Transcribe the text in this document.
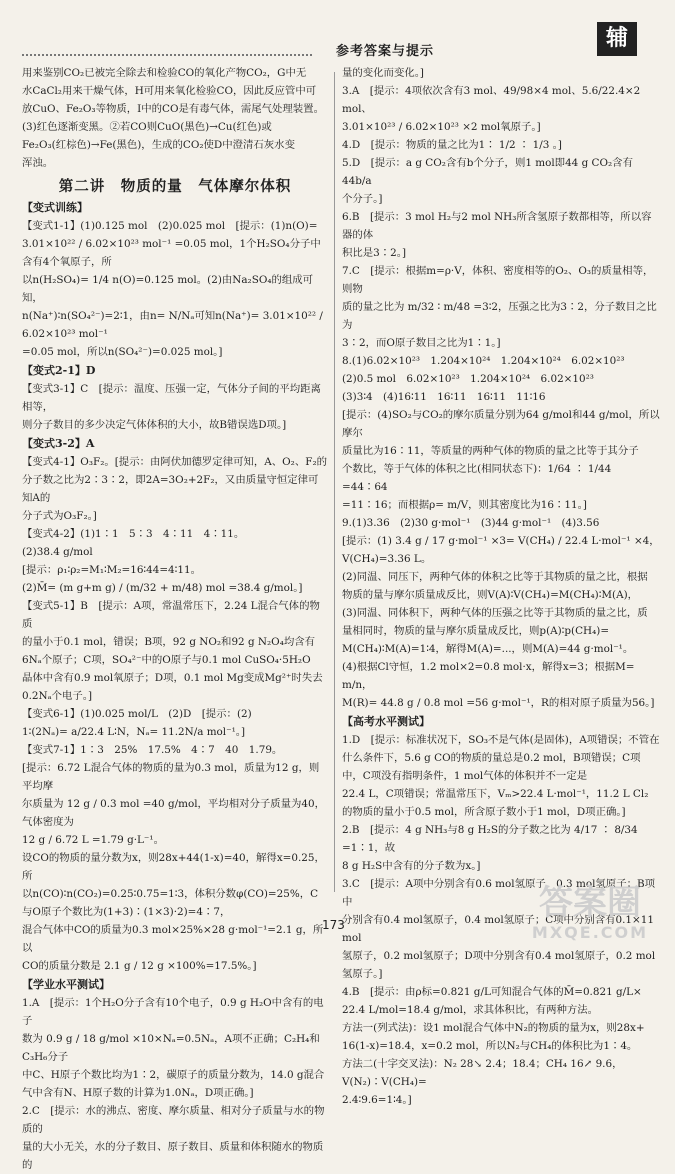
参考答案与提示
辅

用来鉴别CO₂已被完全除去和检验CO的氧化产物CO₂，G中无

水CaCl₂用来干燥气体，H可用来氧化检验CO，因此反应管中可

放CuO、Fe₂O₃等物质，I中的CO是有毒气体，需尾气处理装置。

(3)红色逐渐变黑。②若CO则CuO(黑色)→Cu(红色)或

Fe₂O₃(红棕色)→Fe(黑色)，生成的CO₂使D中澄清石灰水变

浑浊。

第二讲　物质的量　气体摩尔体积

【变式训练】

【变式1-1】(1)0.125 mol　(2)0.025 mol　[提示：(1)n(O)=

3.01×10²² / 6.02×10²³ mol⁻¹ =0.05 mol，1个H₂SO₄分子中含有4个氧原子，所

以n(H₂SO₄)= 1/4 n(O)=0.125 mol。(2)由Na₂SO₄的组成可知，

n(Na⁺)∶n(SO₄²⁻)=2∶1，由n= N/Nₐ可知n(Na⁺)= 3.01×10²² / 6.02×10²³ mol⁻¹

=0.05 mol，所以n(SO₄²⁻)=0.025 mol。]

【变式2-1】D

【变式3-1】C　[提示：温度、压强一定，气体分子间的平均距离相等，

则分子数目的多少决定气体体积的大小，故B错误选D项。]

【变式3-2】A

【变式4-1】O₃F₂。[提示：由阿伏加德罗定律可知，A、O₂、F₂的

分子数之比为2∶3∶2，即2A=3O₂+2F₂，又由质量守恒定律可知A的

分子式为O₃F₂。]

【变式4-2】(1)1∶1　5∶3　4∶11　4∶11。

(2)38.4 g/mol

[提示：ρ₁∶ρ₂=M₁∶M₂=16∶44=4∶11。

(2)M̄= (m g+m g) / (m/32 + m/48) mol =38.4 g/mol。]

【变式5-1】B　[提示：A项，常温常压下，2.24 L混合气体的物质

的量小于0.1 mol，错误；B项，92 g NO₂和92 g N₂O₄均含有6Nₐ个原子；C项，SO₄²⁻中的O原子与0.1 mol CuSO₄·5H₂O

晶体中含有0.9 mol氧原子；D项，0.1 mol Mg变成Mg²⁺时失去

0.2Nₐ个电子。]

【变式6-1】(1)0.025 mol/L　(2)D　[提示：(2)

1∶(2Nₐ)= a/22.4 L∶N，Nₐ= 11.2N/a mol⁻¹。]

【变式7-1】1∶3　25%　17.5%　4∶7　40　1.79。

[提示：6.72 L混合气体的物质的量为0.3 mol，质量为12 g，则平均摩

尔质量为 12 g / 0.3 mol =40 g/mol，平均相对分子质量为40，气体密度为

12 g / 6.72 L =1.79 g·L⁻¹。

设CO的物质的量分数为x，则28x+44(1-x)=40，解得x=0.25，所

以n(CO)∶n(CO₂)=0.25∶0.75=1∶3，体积分数φ(CO)=25%，C

与O原子个数比为(1+3)∶(1×3)·2)=4∶7，

混合气体中CO的质量为0.3 mol×25%×28 g·mol⁻¹=2.1 g，所以

CO的质量分数是 2.1 g / 12 g ×100%=17.5%。]

【学业水平测试】

1.A　[提示：1个H₂O分子含有10个电子，0.9 g H₂O中含有的电子

数为 0.9 g / 18 g/mol ×10×Nₐ=0.5Nₐ，A项不正确；C₂H₄和C₃H₆分子

中C、H原子个数比均为1∶2，碳原子的质量分数为，14.0 g混合

气中含有N、H原子数的计算为1.0Nₐ，D项正确。]

2.C　[提示：水的沸点、密度、摩尔质量、相对分子质量与水的物质的

量的大小无关，水的分子数目、原子数目、质量和体积随水的物质的

量的变化而变化。]

3.A　[提示：4项依次含有3 mol、49/98×4 mol、5.6/22.4×2 mol、

3.01×10²³ / 6.02×10²³ ×2 mol氧原子。]

4.D　[提示：物质的量之比为1∶ 1/2 ∶ 1/3 。]

5.D　[提示：a g CO₂含有b个分子，则1 mol即44 g CO₂含有44b/a

个分子。]

6.B　[提示：3 mol H₂与2 mol NH₃所含氢原子数都相等，所以容器的体

积比是3∶2。]

7.C　[提示：根据m=ρ·V，体积、密度相等的O₂、O₃的质量相等，则物

质的量之比为 m/32 ∶ m/48 =3∶2，压强之比为3∶2，分子数目之比为

3∶2，而O原子数目之比为1∶1。]

8.(1)6.02×10²³　1.204×10²⁴　1.204×10²⁴　6.02×10²³

(2)0.5 mol　6.02×10²³　1.204×10²⁴　6.02×10²³

(3)3∶4　(4)16∶11　16∶11　16∶11　11∶16

[提示：(4)SO₂与CO₂的摩尔质量分别为64 g/mol和44 g/mol，所以摩尔

质量比为16∶11，等质量的两种气体的物质的量之比等于其分子

个数比，等于气体的体积之比(相同状态下)：1/64 ∶ 1/44 =44∶64

=11∶16；而根据ρ= m/V，则其密度比为16∶11。]

9.(1)3.36　(2)30 g·mol⁻¹　(3)44 g·mol⁻¹　(4)3.56

[提示：(1) 3.4 g / 17 g·mol⁻¹ ×3= V(CH₄) / 22.4 L·mol⁻¹ ×4，V(CH₄)=3.36 L。

(2)同温、同压下，两种气体的体积之比等于其物质的量之比，根据

物质的量与摩尔质量成反比，则V(A)∶V(CH₄)=M(CH₄)∶M(A)，

(3)同温、同体积下，两种气体的压强之比等于其物质的量之比，质

量相同时，物质的量与摩尔质量成反比，则p(A)∶p(CH₄)=

M(CH₄)∶M(A)=1∶4，解得M(A)=...，则M(A)=44 g·mol⁻¹。

(4)根据Cl守恒，1.2 mol×2=0.8 mol·x，解得x=3；根据M= m/n，

M(R)= 44.8 g / 0.8 mol =56 g·mol⁻¹，R的相对原子质量为56。]

【高考水平测试】

1.D　[提示：标准状况下，SO₃不是气体(是固体)，A项错误；不管在

什么条件下，5.6 g CO的物质的量总是0.2 mol，B项错误；C项

中，C项没有指明条件，1 mol气体的体积并不一定是

22.4 L，C项错误；常温常压下，Vₘ>22.4 L·mol⁻¹，11.2 L Cl₂

的物质的量小于0.5 mol，所含原子数小于1 mol，D项正确。]

2.B　[提示：4 g NH₃与8 g H₂S的分子数之比为 4/17 ∶ 8/34 =1∶1，故

8 g H₂S中含有的分子数为x。]

3.C　[提示：A项中分别含有0.6 mol氢原子，0.3 mol氢原子；B项中

分别含有0.4 mol氢原子，0.4 mol氢原子；C项中分别含有0.1×11 mol

氢原子，0.2 mol氢原子；D项中分别含有0.4 mol氢原子，0.2 mol

氢原子。]

4.B　[提示：由ρ标=0.821 g/L可知混合气体的M̄=0.821 g/L×

22.4 L/mol=18.4 g/mol，求其体积比，有两种方法。

方法一(列式法)：设1 mol混合气体中N₂的物质的量为x，则28x+

16(1-x)=18.4，x=0.2 mol，所以N₂与CH₄的体积比为1∶4。

方法二(十字交叉法)：N₂ 28↘ 2.4；18.4；CH₄ 16↗ 9.6，V(N₂)∶V(CH₄)=

2.4∶9.6=1∶4。]

173
答案圈
MXQE.COM
